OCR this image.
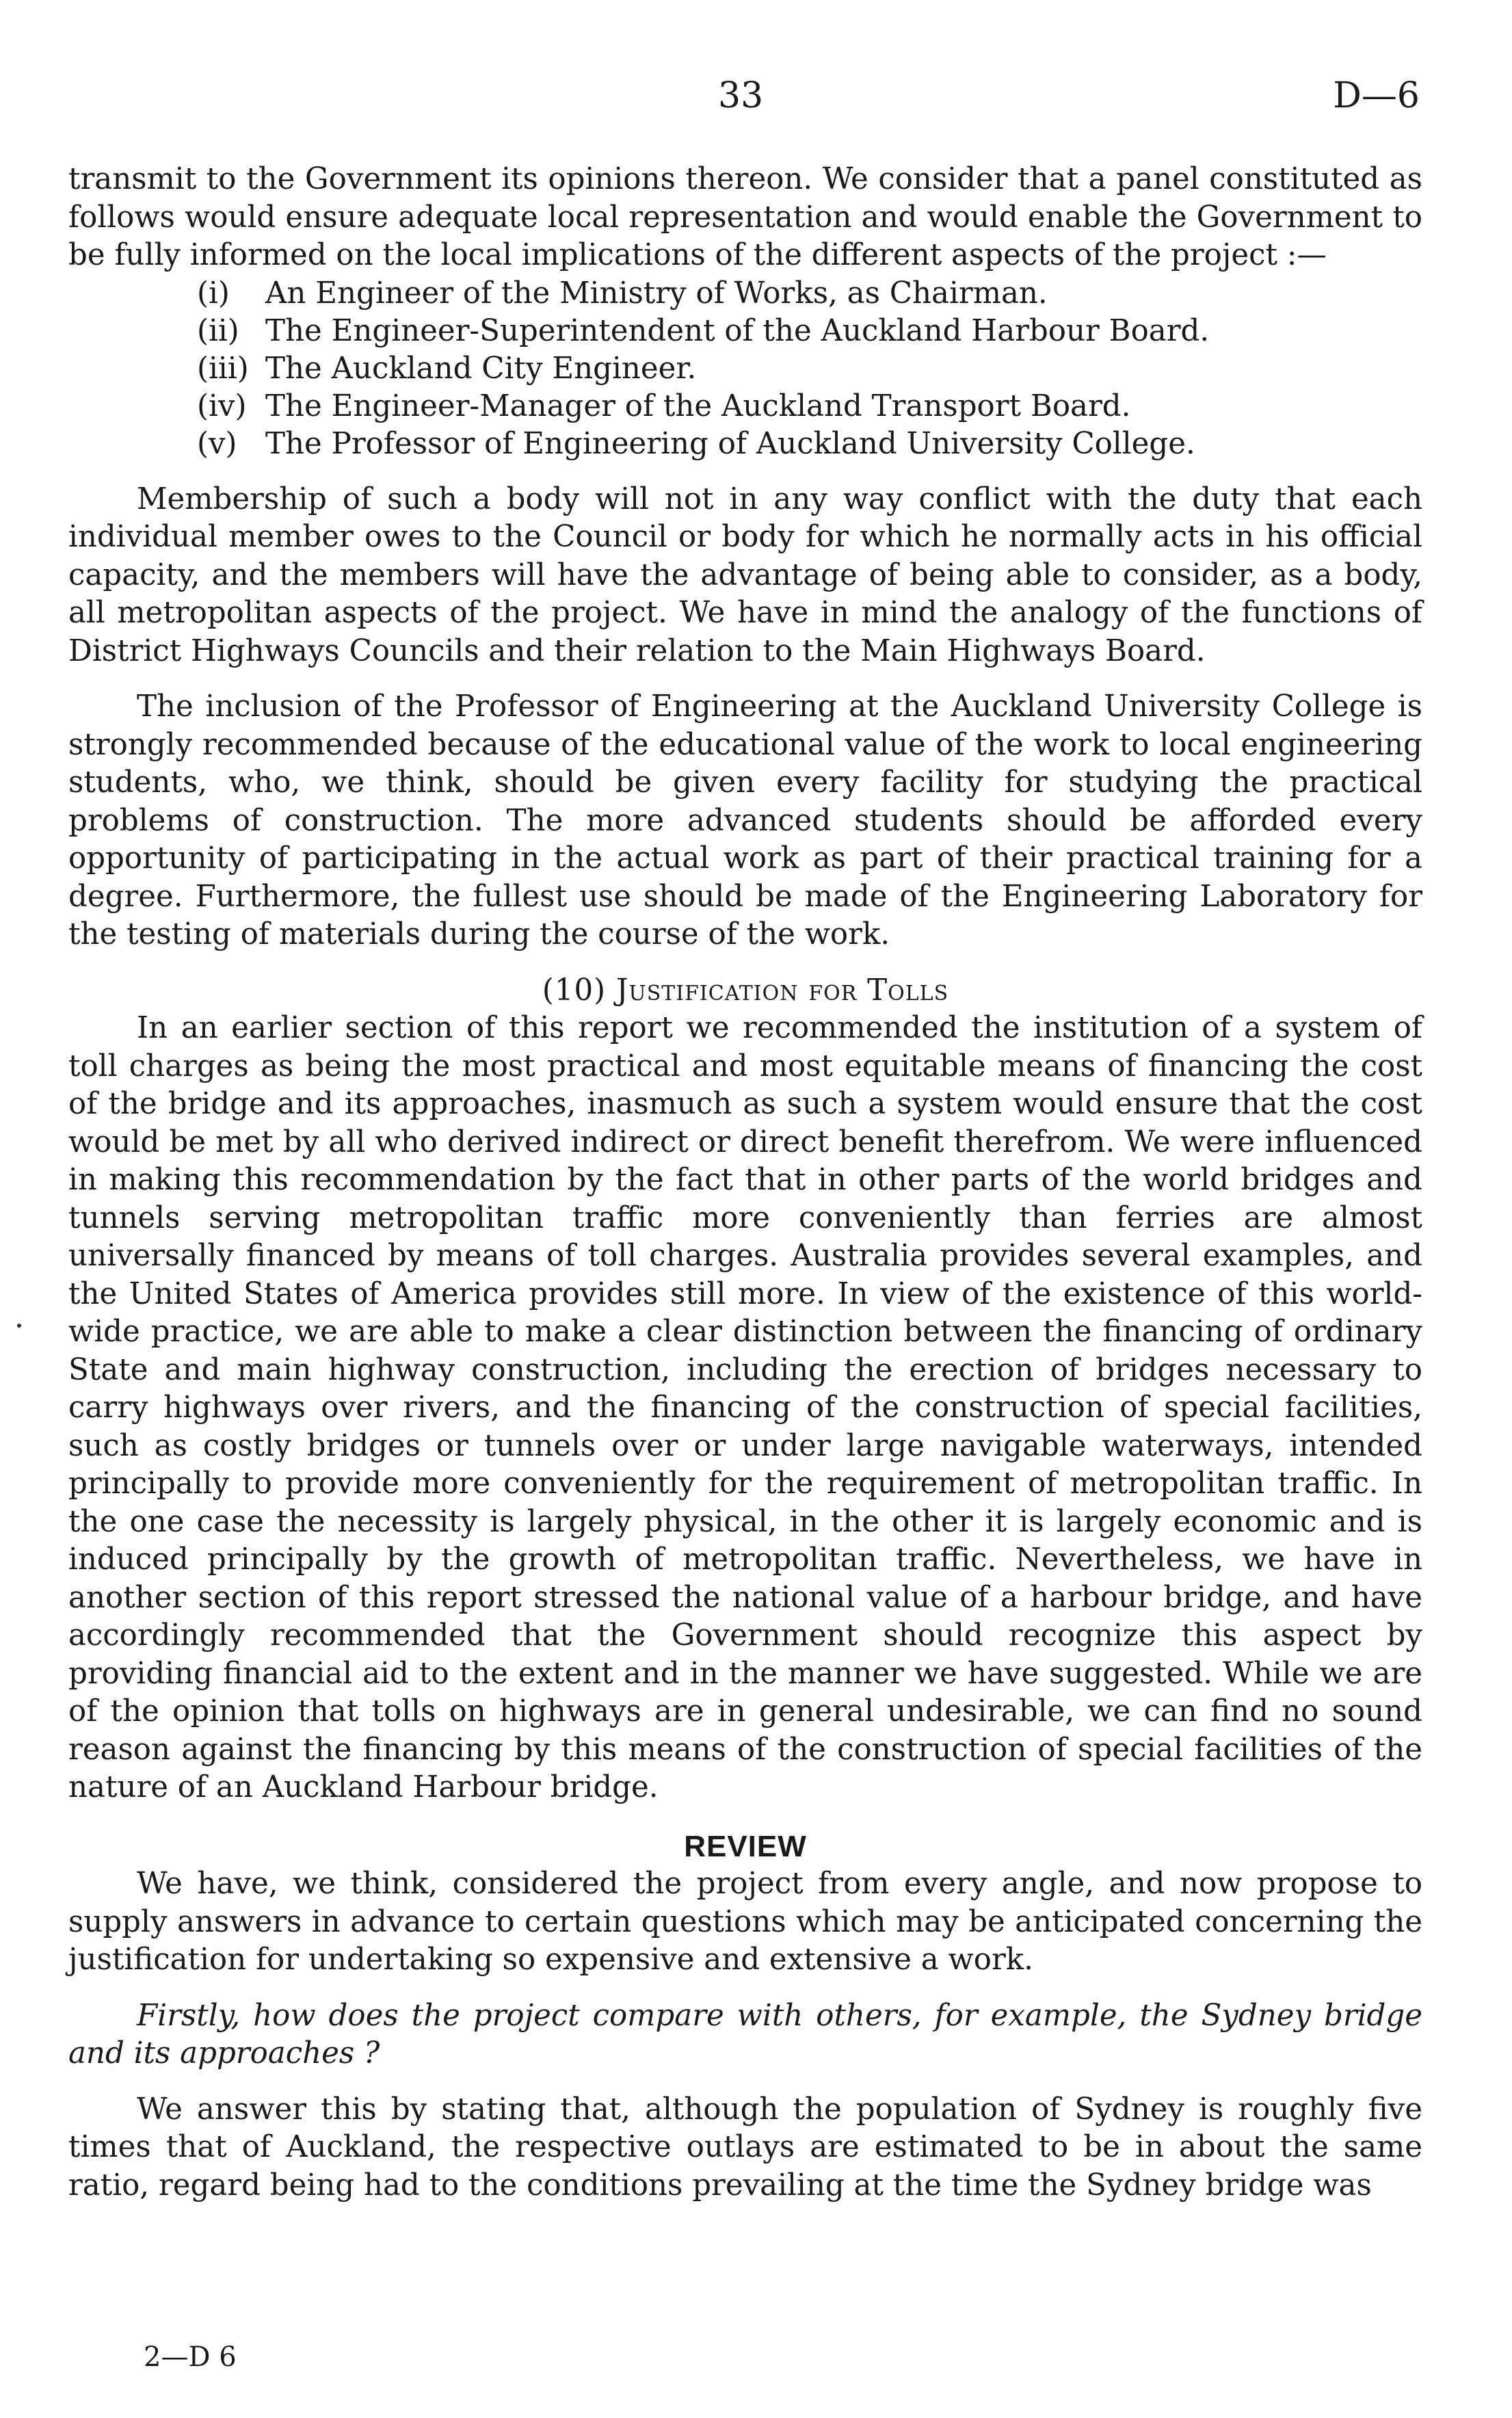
33	D—6

transmit to the Government its opinions thereon. We consider that a panel constituted as follows would ensure adequate local representation and would enable the Government to be fully informed on the local implications of the different aspects of the project :—

(i)	An Engineer of the Ministry of Works, as Chairman.
(ii) The Engineer-Superintendent of the Auckland Harbour Board.
(iii) The Auckland City Engineer.
(iv) The Engineer-Manager of the Auckland Transport Board.
(v) The Professor of Engineering of Auckland University College.

Membership of such a body will not in any way conflict with the duty that each individual member owes to the Council or body for which he normally acts in his official capacity, and the members will have the advantage of being able to consider, as a body, all metropolitan aspects of the project. We have in mind the analogy of the functions of District Highways Councils and their relation to the Main Highways Board.

The inclusion of the Professor of Engineering at the Auckland University College is strongly recommended because of the educational value of the work to local engineering students, who, we think, should be given every facility for studying the practical problems of construction. The more advanced students should be afforded every opportunity of participating in the actual work as part of their practical training for a degree. Furthermore, the fullest use should be made of the Engineering Laboratory for the testing of materials during the course of the work.

(10) Justification for Tolls

In an earlier section of this report we recommended the institution of a system of toll charges as being the most practical and most equitable means of financing the cost of the bridge and its approaches, inasmuch as such a system would ensure that the cost would be met by all who derived indirect or direct benefit therefrom. We were influenced in making this recommendation by the fact that in other parts of the world bridges and tunnels serving metropolitan traffic more conveniently than ferries are almost universally financed by means of toll charges. Australia provides several examples, and the United States of America provides still more. In view of the existence of this world-wide practice, we are able to make a clear distinction between the financing of ordinary State and main highway construction, including the erection of bridges necessary to carry highways over rivers, and the financing of the construction of special facilities, such as costly bridges or tunnels over or under large navigable waterways, intended principally to provide more conveniently for the requirement of metropolitan traffic. In the one case the necessity is largely physical, in the other it is largely economic and is induced principally by the growth of metropolitan traffic. Nevertheless, we have in another section of this report stressed the national value of a harbour bridge, and have accordingly recommended that the Government should recognize this aspect by providing financial aid to the extent and in the manner we have suggested. While we are of the opinion that tolls on highways are in general undesirable, we can find no sound reason against the financing by this means of the construction of special facilities of the nature of an Auckland Harbour bridge.

REVIEW

We have, we think, considered the project from every angle, and now propose to supply answers in advance to certain questions which may be anticipated concerning the justification for undertaking so expensive and extensive a work.

Firstly, how does the project compare with others, for example, the Sydney bridge and its approaches ?

We answer this by stating that, although the population of Sydney is roughly five times that of Auckland, the respective outlays are estimated to be in about the same ratio, regard being had to the conditions prevailing at the time the Sydney bridge was

2—D 6
